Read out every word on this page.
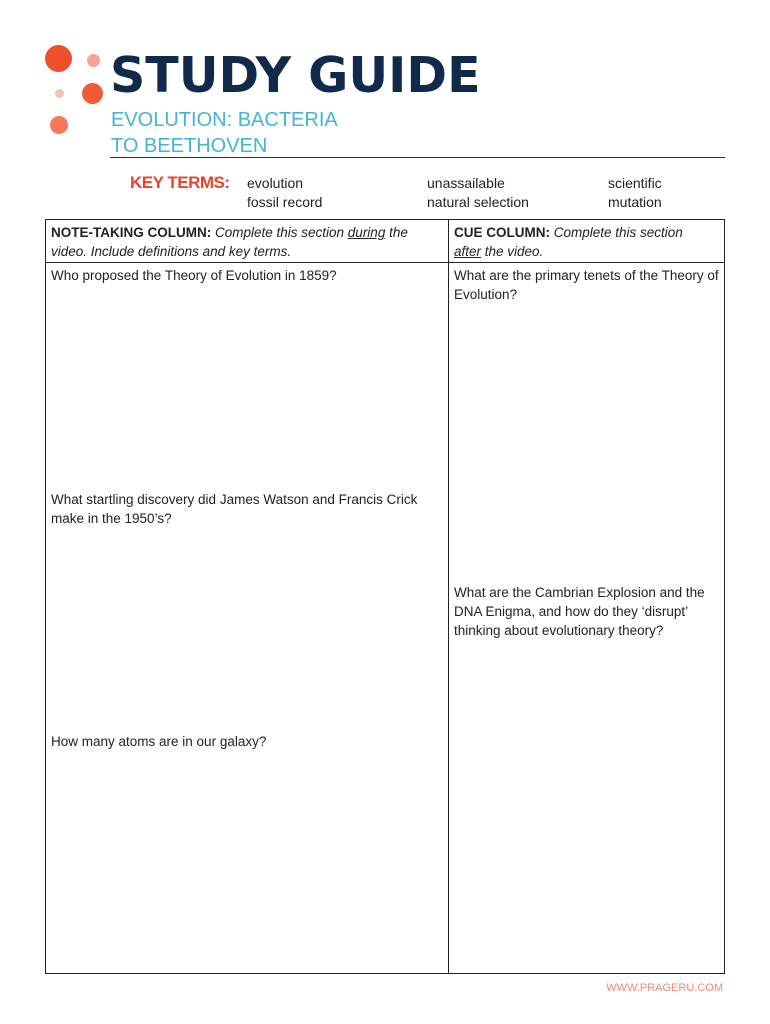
STUDY GUIDE
EVOLUTION: BACTERIA
TO BEETHOVEN
KEY TERMS: evolution
fossil record
unassailable
natural selection
scientific
mutation
NOTE-TAKING COLUMN: Complete this section during the
video. Include definitions and key terms.
CUE COLUMN: Complete this section
after the video.
Who proposed the Theory of Evolution in 1859?
What startling discovery did James Watson and Francis Crick make in the 1950’s?
How many atoms are in our galaxy?
What are the primary tenets of the Theory of Evolution?
What are the Cambrian Explosion and the DNA Enigma, and how do they ‘disrupt’ thinking about evolutionary theory?
WWW.PRAGERU.COM
